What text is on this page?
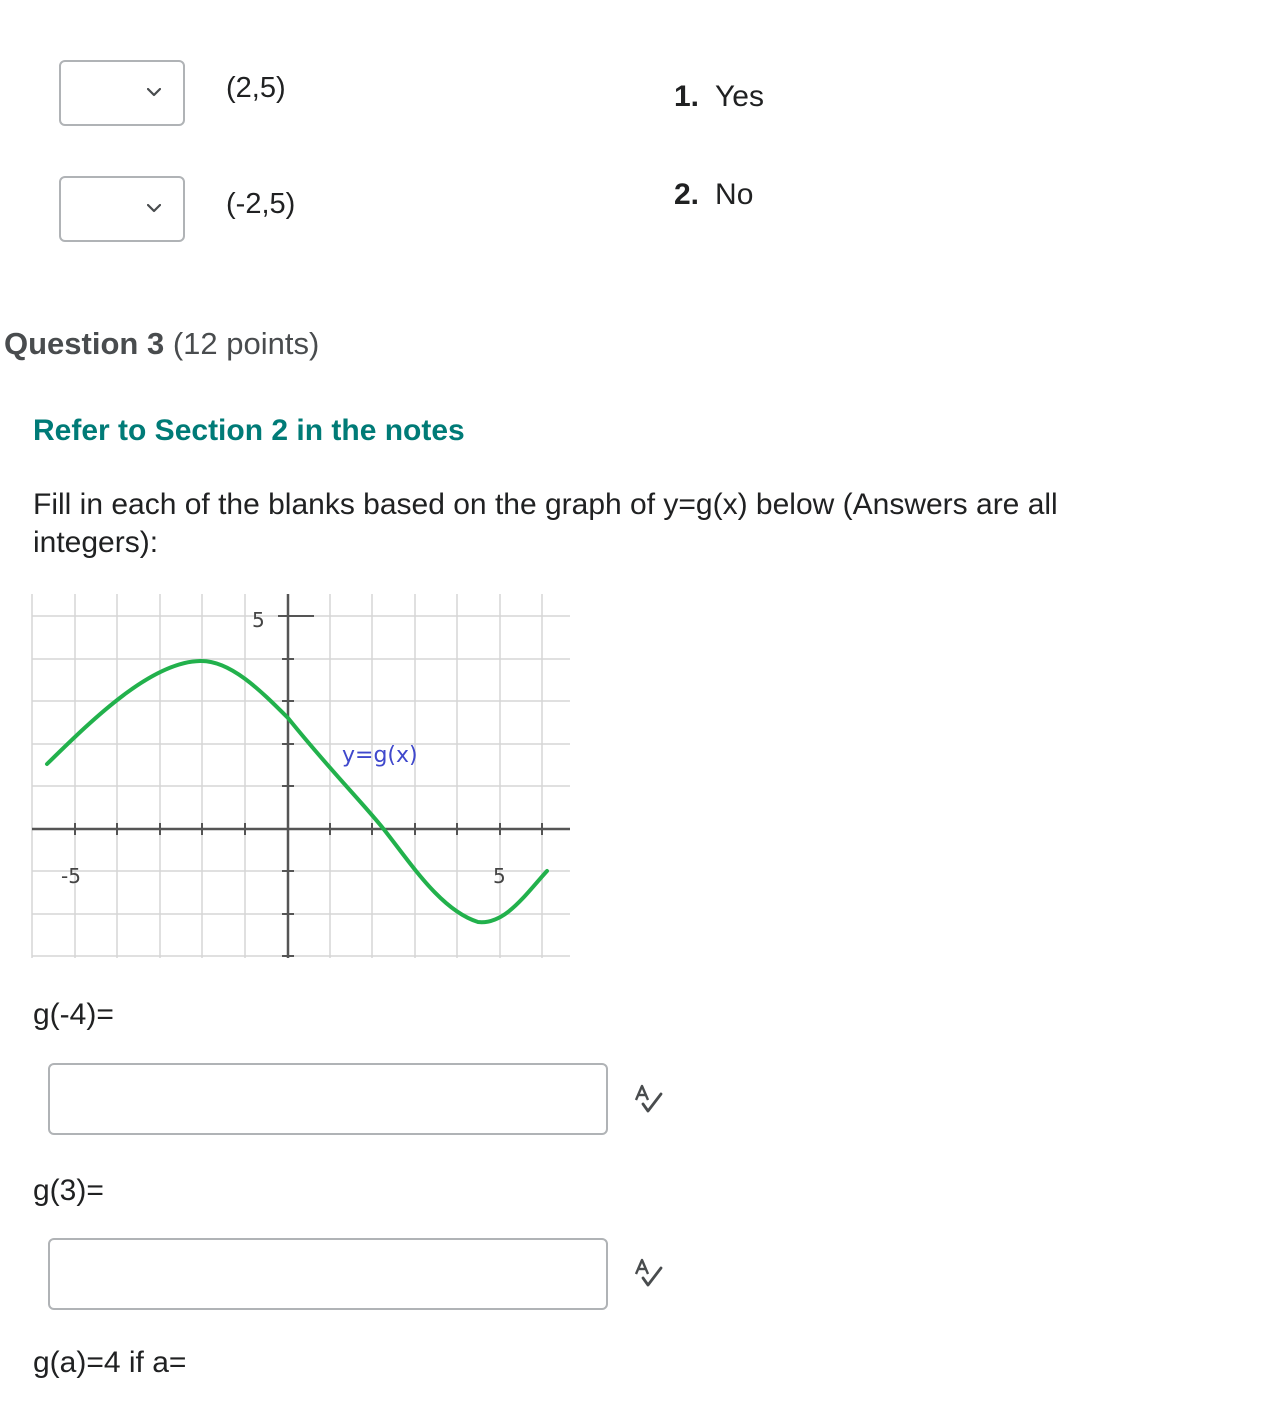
(2,5)
(-2,5)
1. Yes
2. No
Question 3 (12 points)
Refer to Section 2 in the notes
Fill in each of the blanks based on the graph of y=g(x) below (Answers are all integers):
5
-5	5
y=g(x)
g(-4)=
g(3)=
g(a)=4 if a=
